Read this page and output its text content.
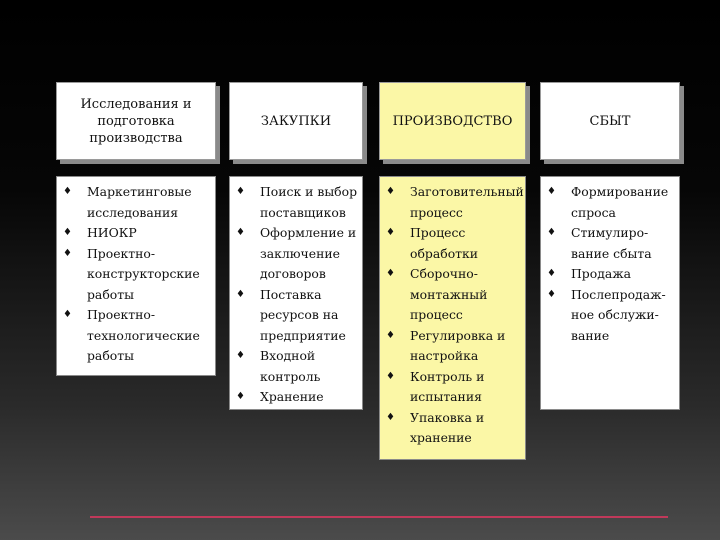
Исследования и
подготовка
производства
♦	Маркетинговые
исследования
♦	НИОКР
♦	Проектно-
конструкторские
работы
♦	Проектно-
технологические
работы
ЗАКУПКИ
♦	Поиск и выбор
поставщиков
♦	Оформление и
заключение
договоров
♦	Поставка
ресурсов на
предприятие
♦	Входной
контроль
♦	Хранение
ПРОИЗВОДСТВО
♦	Заготовительный
процесс
♦	Процесс
обработки
♦	Сборочно-
монтажный
процесс
♦	Регулировка и
настройка
♦	Контроль и
испытания
♦	Упаковка и
хранение
СБЫТ
♦	Формирование
спроса
♦	Стимулиро-
вание сбыта
♦	Продажа
♦	Послепродаж-
ное обслужи-
вание
